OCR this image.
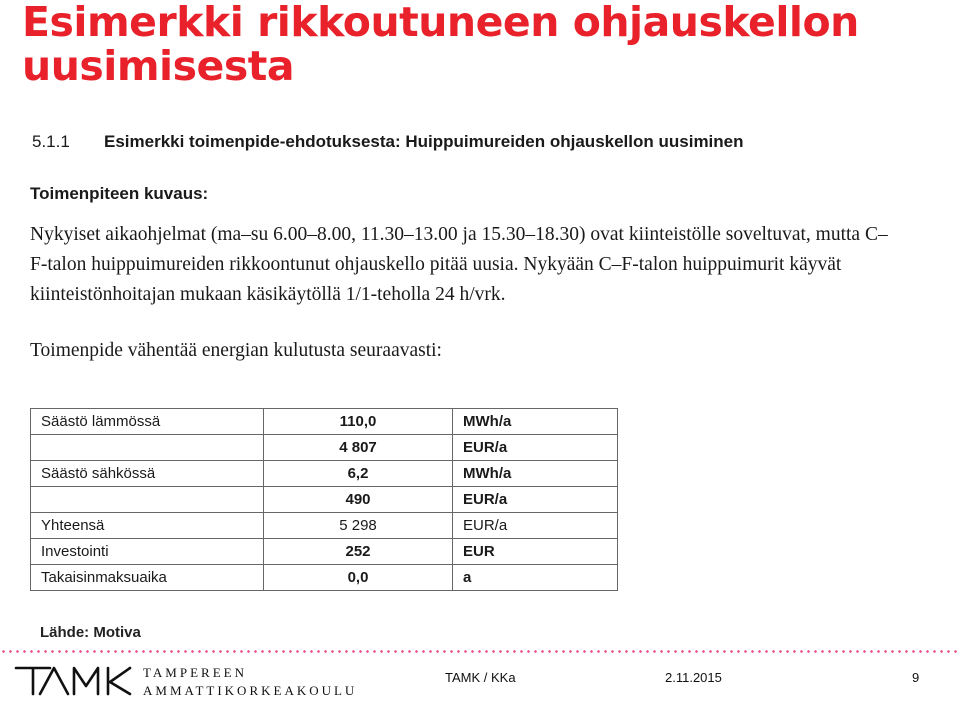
Esimerkki rikkoutuneen ohjauskellon
uusimisesta
5.1.1 Esimerkki toimenpide-ehdotuksesta: Huippuimureiden ohjauskellon uusiminen
Toimenpiteen kuvaus:
Nykyiset aikaohjelmat (ma–su 6.00–8.00, 11.30–13.00 ja 15.30–18.30) ovat kiinteistölle soveltuvat, mutta C–F-talon huippuimureiden rikkoontunut ohjauskello pitää uusia. Nykyään C–F-talon huippuimurit käyvät kiinteistönhoitajan mukaan käsikäytöllä 1/1-teholla 24 h/vrk.
Toimenpide vähentää energian kulutusta seuraavasti:
Säästö lämmössä	110,0	MWh/a
	4 807	EUR/a
Säästö sähkössä	6,2	MWh/a
	490	EUR/a
Yhteensä	5 298	EUR/a
Investointi	252	EUR
Takaisinmaksuaika	0,0	a
Lähde: Motiva
TAMPEREEN
AMMATTIKORKEAKOULU
TAMK / KKa	2.11.2015	9
